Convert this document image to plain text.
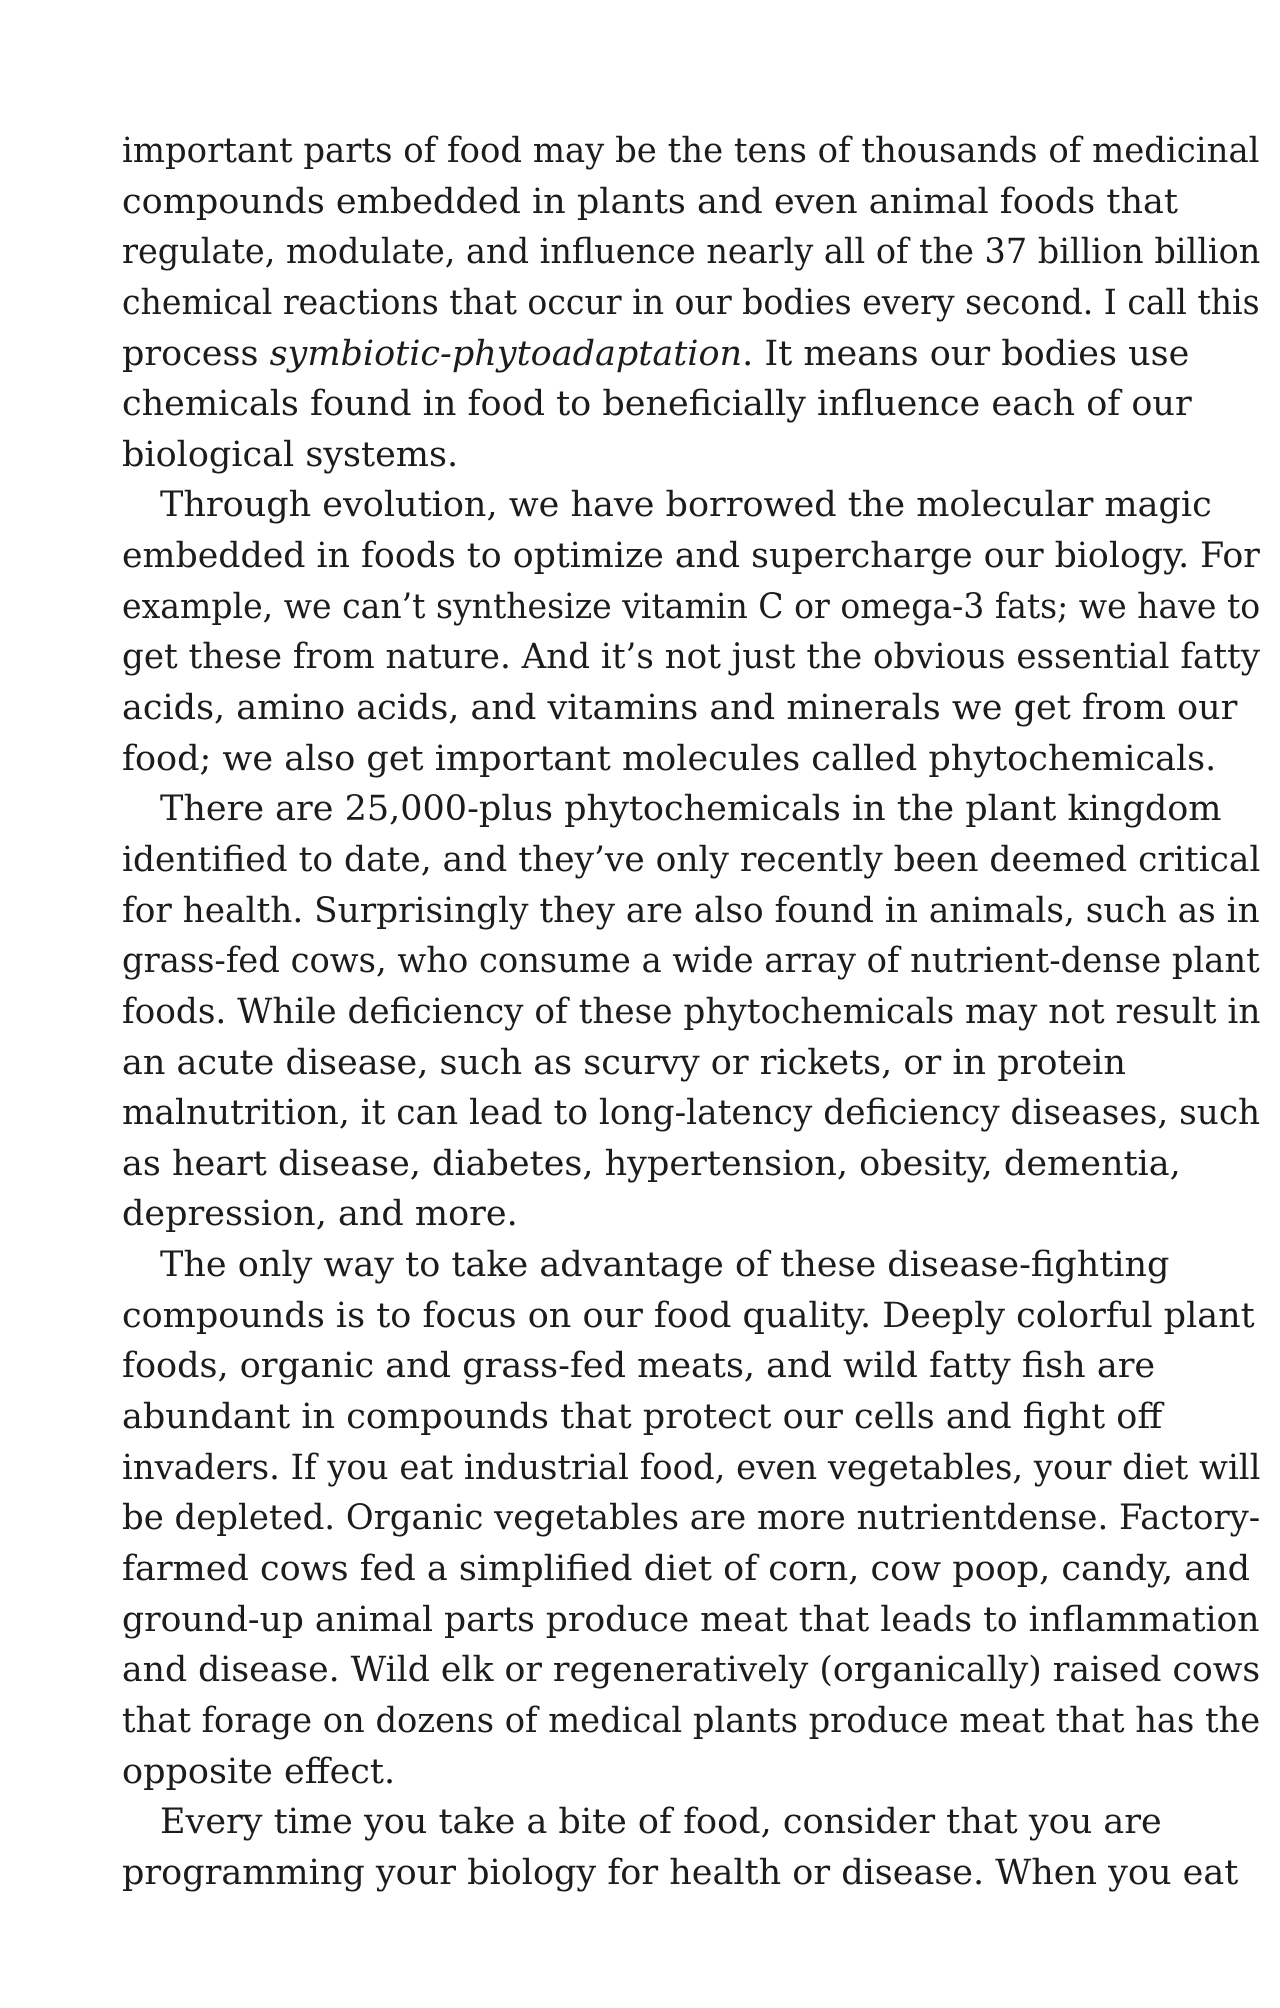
important parts of food may be the tens of thousands of medicinal
compounds embedded in plants and even animal foods that
regulate, modulate, and influence nearly all of the 37 billion billion
chemical reactions that occur in our bodies every second. I call this
process symbiotic-phytoadaptation. It means our bodies use
chemicals found in food to beneficially influence each of our
biological systems.
Through evolution, we have borrowed the molecular magic
embedded in foods to optimize and supercharge our biology. For
example, we can’t synthesize vitamin C or omega-3 fats; we have to
get these from nature. And it’s not just the obvious essential fatty
acids, amino acids, and vitamins and minerals we get from our
food; we also get important molecules called phytochemicals.
There are 25,000-plus phytochemicals in the plant kingdom
identified to date, and they’ve only recently been deemed critical
for health. Surprisingly they are also found in animals, such as in
grass-fed cows, who consume a wide array of nutrient-dense plant
foods. While deficiency of these phytochemicals may not result in
an acute disease, such as scurvy or rickets, or in protein
malnutrition, it can lead to long-latency deficiency diseases, such
as heart disease, diabetes, hypertension, obesity, dementia,
depression, and more.
The only way to take advantage of these disease-fighting
compounds is to focus on our food quality. Deeply colorful plant
foods, organic and grass-fed meats, and wild fatty fish are
abundant in compounds that protect our cells and fight off
invaders. If you eat industrial food, even vegetables, your diet will
be depleted. Organic vegetables are more nutrientdense. Factory-
farmed cows fed a simplified diet of corn, cow poop, candy, and
ground-up animal parts produce meat that leads to inflammation
and disease. Wild elk or regeneratively (organically) raised cows
that forage on dozens of medical plants produce meat that has the
opposite effect.
Every time you take a bite of food, consider that you are
programming your biology for health or disease. When you eat
